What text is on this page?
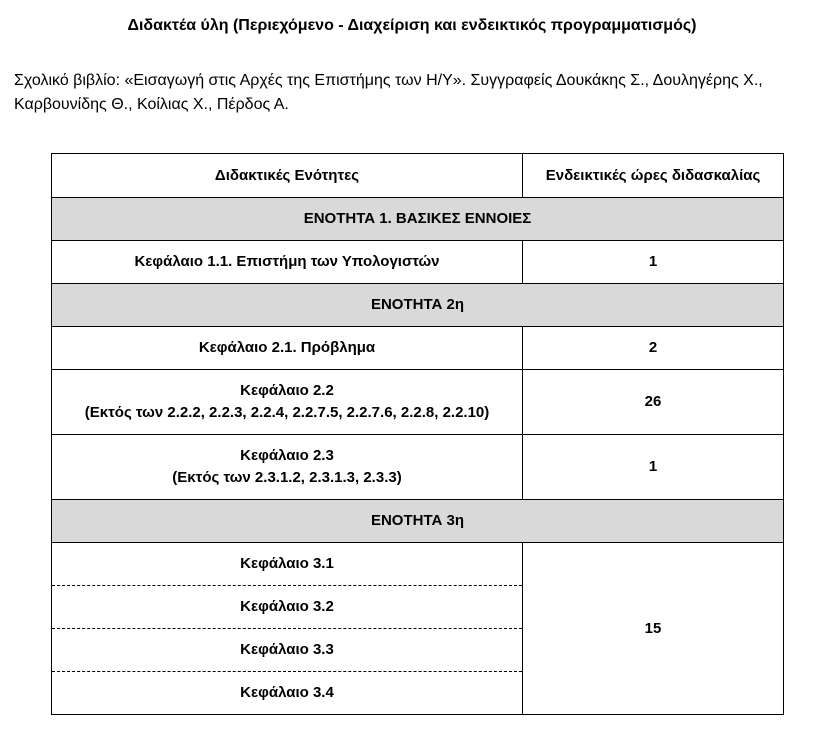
Διδακτέα ύλη (Περιεχόμενο - Διαχείριση και ενδεικτικός προγραμματισμός)
Σχολικό βιβλίο: «Εισαγωγή στις Αρχές της Επιστήμης των Η/Υ». Συγγραφείς Δουκάκης Σ., Δουληγέρης Χ.,
Καρβουνίδης Θ., Κοίλιας Χ., Πέρδος Α.
Διδακτικές Ενότητες	Ενδεικτικές ώρες διδασκαλίας
ΕΝΟΤΗΤΑ 1. ΒΑΣΙΚΕΣ ΕΝΝΟΙΕΣ	
Κεφάλαιο 1.1. Επιστήμη των Υπολογιστών	1
ΕΝΟΤΗΤΑ 2η	
Κεφάλαιο 2.1. Πρόβλημα	2

Κεφάλαιο 2.2
(Εκτός των 2.2.2, 2.2.3, 2.2.4, 2.2.7.5, 2.2.7.6, 2.2.8, 2.2.10)	26

Κεφάλαιο 2.3
(Εκτός των 2.3.1.2, 2.3.1.3, 2.3.3)	1
ΕΝΟΤΗΤΑ 3η	
Κεφάλαιο 3.1	15
Κεφάλαιο 3.2	
Κεφάλαιο 3.3	
Κεφάλαιο 3.4	
